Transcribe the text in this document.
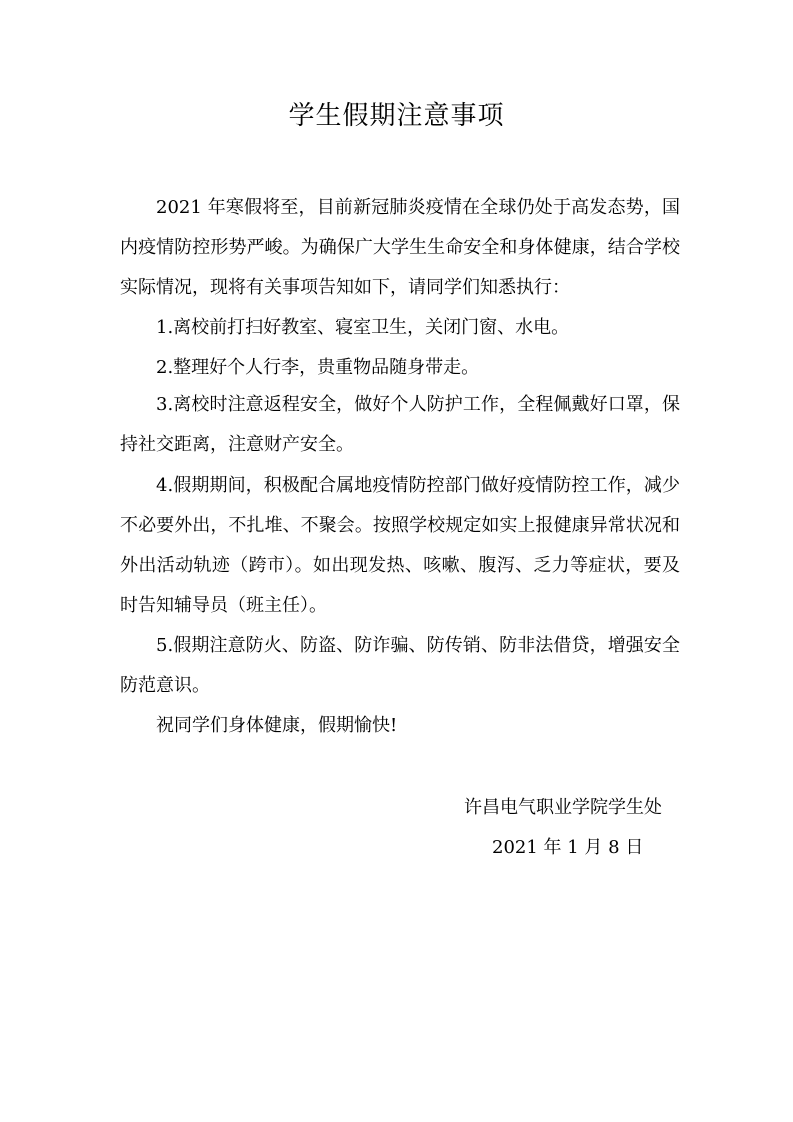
学生假期注意事项

2021 年寒假将至，目前新冠肺炎疫情在全球仍处于高发态势，国内疫情防控形势严峻。为确保广大学生生命安全和身体健康，结合学校实际情况，现将有关事项告知如下，请同学们知悉执行：

1.离校前打扫好教室、寝室卫生，关闭门窗、水电。

2.整理好个人行李，贵重物品随身带走。

3.离校时注意返程安全，做好个人防护工作，全程佩戴好口罩，保持社交距离，注意财产安全。

4.假期期间，积极配合属地疫情防控部门做好疫情防控工作，减少不必要外出，不扎堆、不聚会。按照学校规定如实上报健康异常状况和外出活动轨迹（跨市）。如出现发热、咳嗽、腹泻、乏力等症状，要及时告知辅导员（班主任）。

5.假期注意防火、防盗、防诈骗、防传销、防非法借贷，增强安全防范意识。

祝同学们身体健康，假期愉快!

许昌电气职业学院学生处
2021 年 1 月 8 日
